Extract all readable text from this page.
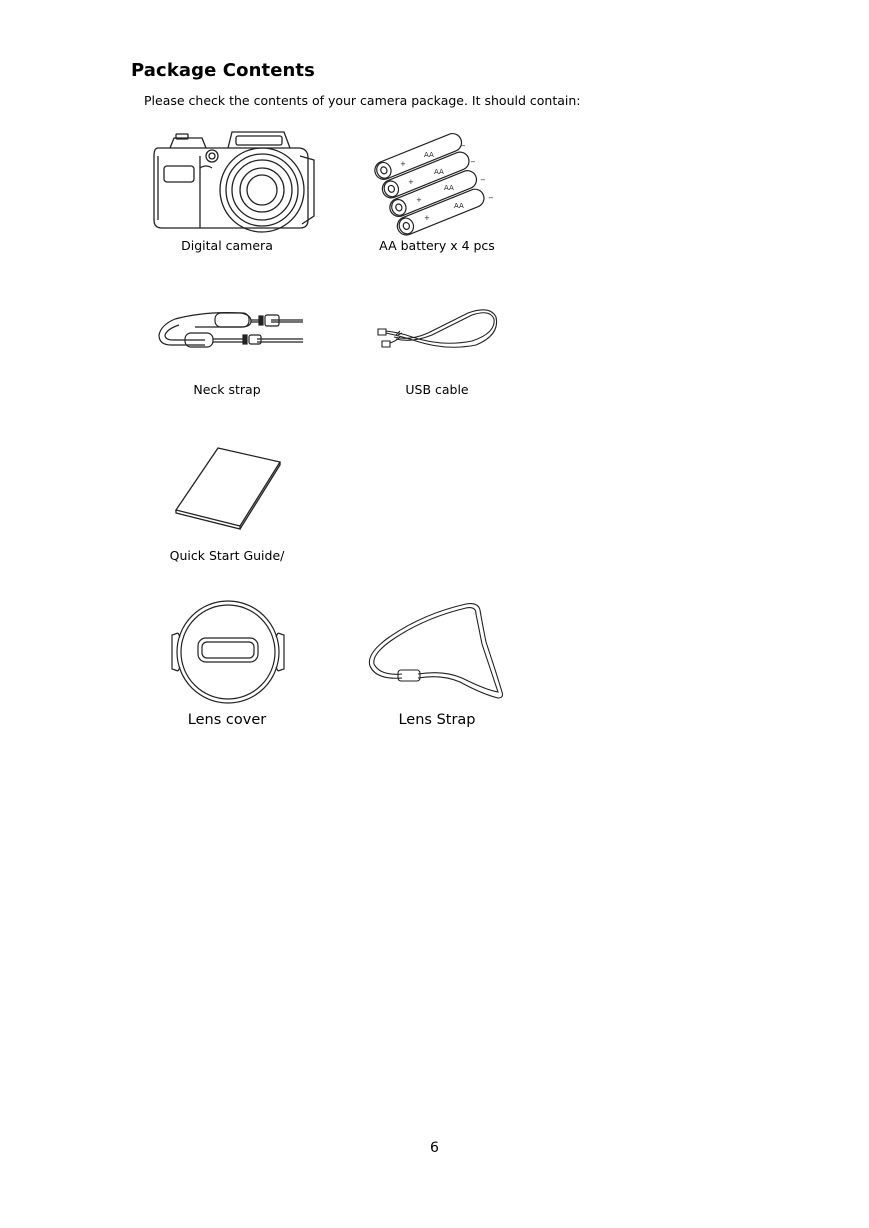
Package Contents
Please check the contents of your camera package. It should contain:
Digital camera
+
AA
−
+
AA
−
+
AA
−
+
AA
−
AA battery x 4 pcs
Neck strap	USB cable
Quick Start Guide/
Lens cover	Lens Strap
6
